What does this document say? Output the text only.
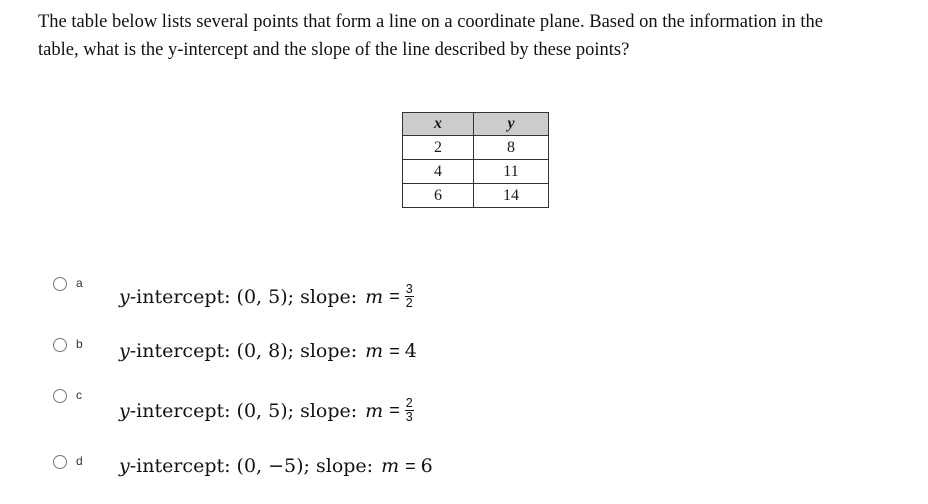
The table below lists several points that form a line on a coordinate plane. Based on the information in the
table, what is the y-intercept and the slope of the line described by these points?
x	y
2	8
4	11
6	14
a
y -intercept: (0, 5); slope: $m = \frac{3}{2}$
b y -intercept: (0, 8); slope: m = 4
c
y -intercept: (0, 5); slope: $m = \frac{2}{3}$
d y -intercept: (0, −5); slope: m = 6
